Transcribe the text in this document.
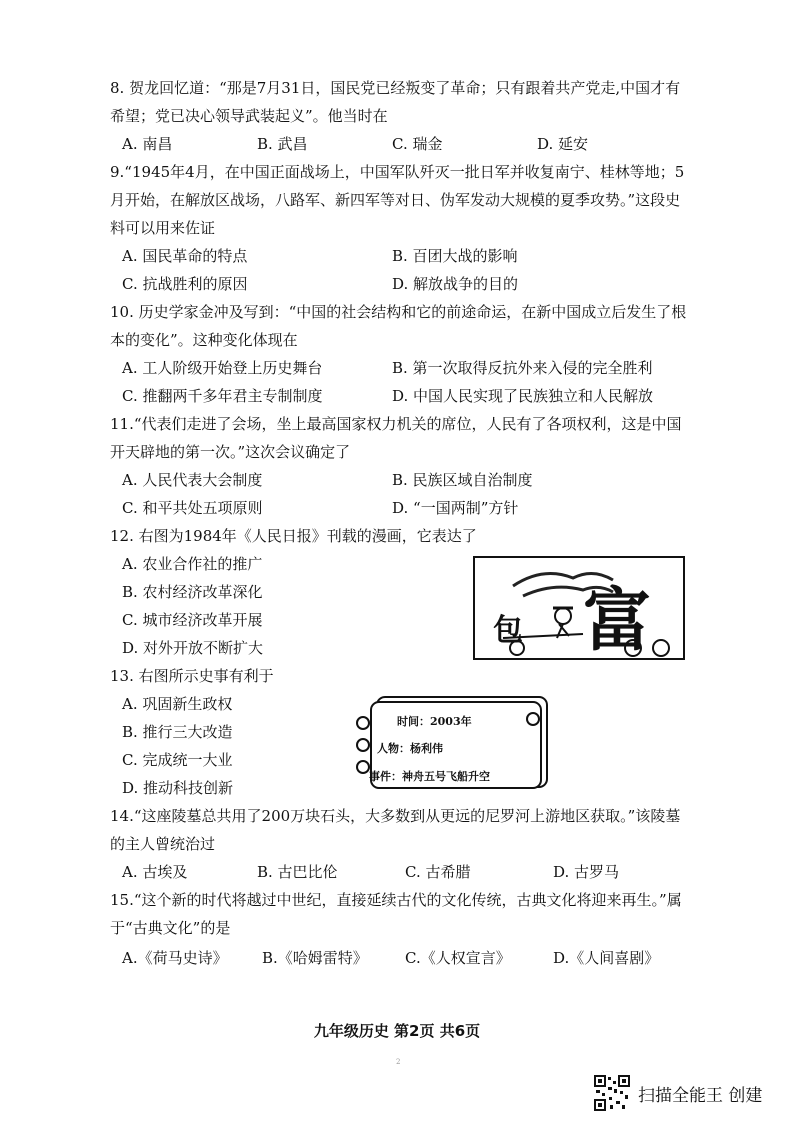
8. 贺龙回忆道：“那是7月31日，国民党已经叛变了革命；只有跟着共产党走,中国才有
希望；党已决心领导武装起义”。他当时在
A. 南昌	B. 武昌	C. 瑞金	D. 延安
9.“1945年4月，在中国正面战场上，中国军队歼灭一批日军并收复南宁、桂林等地；5
月开始，在解放区战场，八路军、新四军等对日、伪军发动大规模的夏季攻势。”这段史
料可以用来佐证
A. 国民革命的特点	B. 百团大战的影响
C. 抗战胜利的原因	D. 解放战争的目的
10. 历史学家金冲及写到：“中国的社会结构和它的前途命运，在新中国成立后发生了根
本的变化”。这种变化体现在
A. 工人阶级开始登上历史舞台	B. 第一次取得反抗外来入侵的完全胜利
C. 推翻两千多年君主专制制度	D. 中国人民实现了民族独立和人民解放
11.“代表们走进了会场，坐上最高国家权力机关的席位，人民有了各项权利，这是中国
开天辟地的第一次。”这次会议确定了
A. 人民代表大会制度	B. 民族区域自治制度
C. 和平共处五项原则	D. “一国两制”方针
12. 右图为1984年《人民日报》刊载的漫画，它表达了
A. 农业合作社的推广
B. 农村经济改革深化
C. 城市经济改革开展
D. 对外开放不断扩大	包 富
13. 右图所示史事有利于
A. 巩固新生政权
B. 推行三大改造
C. 完成统一大业
D. 推动科技创新
时间：2003年
人物：杨利伟
事件：神舟五号飞船升空
14.“这座陵墓总共用了200万块石头，大多数到从更远的尼罗河上游地区获取。”该陵墓
的主人曾统治过
A. 古埃及	B. 古巴比伦	C. 古希腊	D. 古罗马
15.“这个新的时代将越过中世纪，直接延续古代的文化传统，古典文化将迎来再生。”属
于“古典文化”的是
A.《荷马史诗》 B.《哈姆雷特》 C.《人权宣言》	D.《人间喜剧》
九年级历史 第2页 共6页
2
扫描全能王 创建
